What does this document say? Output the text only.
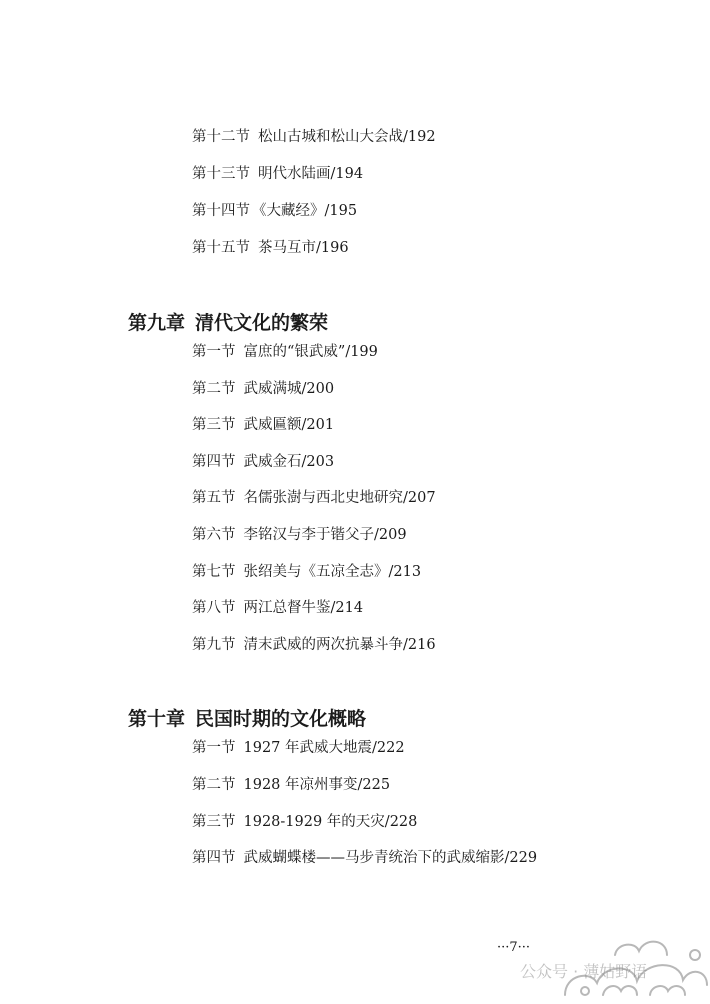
第十二节 松山古城和松山大会战/192
第十三节 明代水陆画/194
第十四节 《大藏经》/195
第十五节 茶马互市/196
第九章 清代文化的繁荣
第一节 富庶的“银武威”/199
第二节 武威满城/200
第三节 武威匾额/201
第四节 武威金石/203
第五节 名儒张澍与西北史地研究/207
第六节 李铭汉与李于锴父子/209
第七节 张绍美与《五凉全志》/213
第八节 两江总督牛鉴/214
第九节 清末武威的两次抗暴斗争/216
第十章 民国时期的文化概略
第一节 1927 年武威大地震/222
第二节 1928 年凉州事变/225
第三节 1928-1929 年的天灾/228
第四节 武威蝴蝶楼——马步青统治下的武威缩影/229
···7···
公众号 · 薄姑野语
